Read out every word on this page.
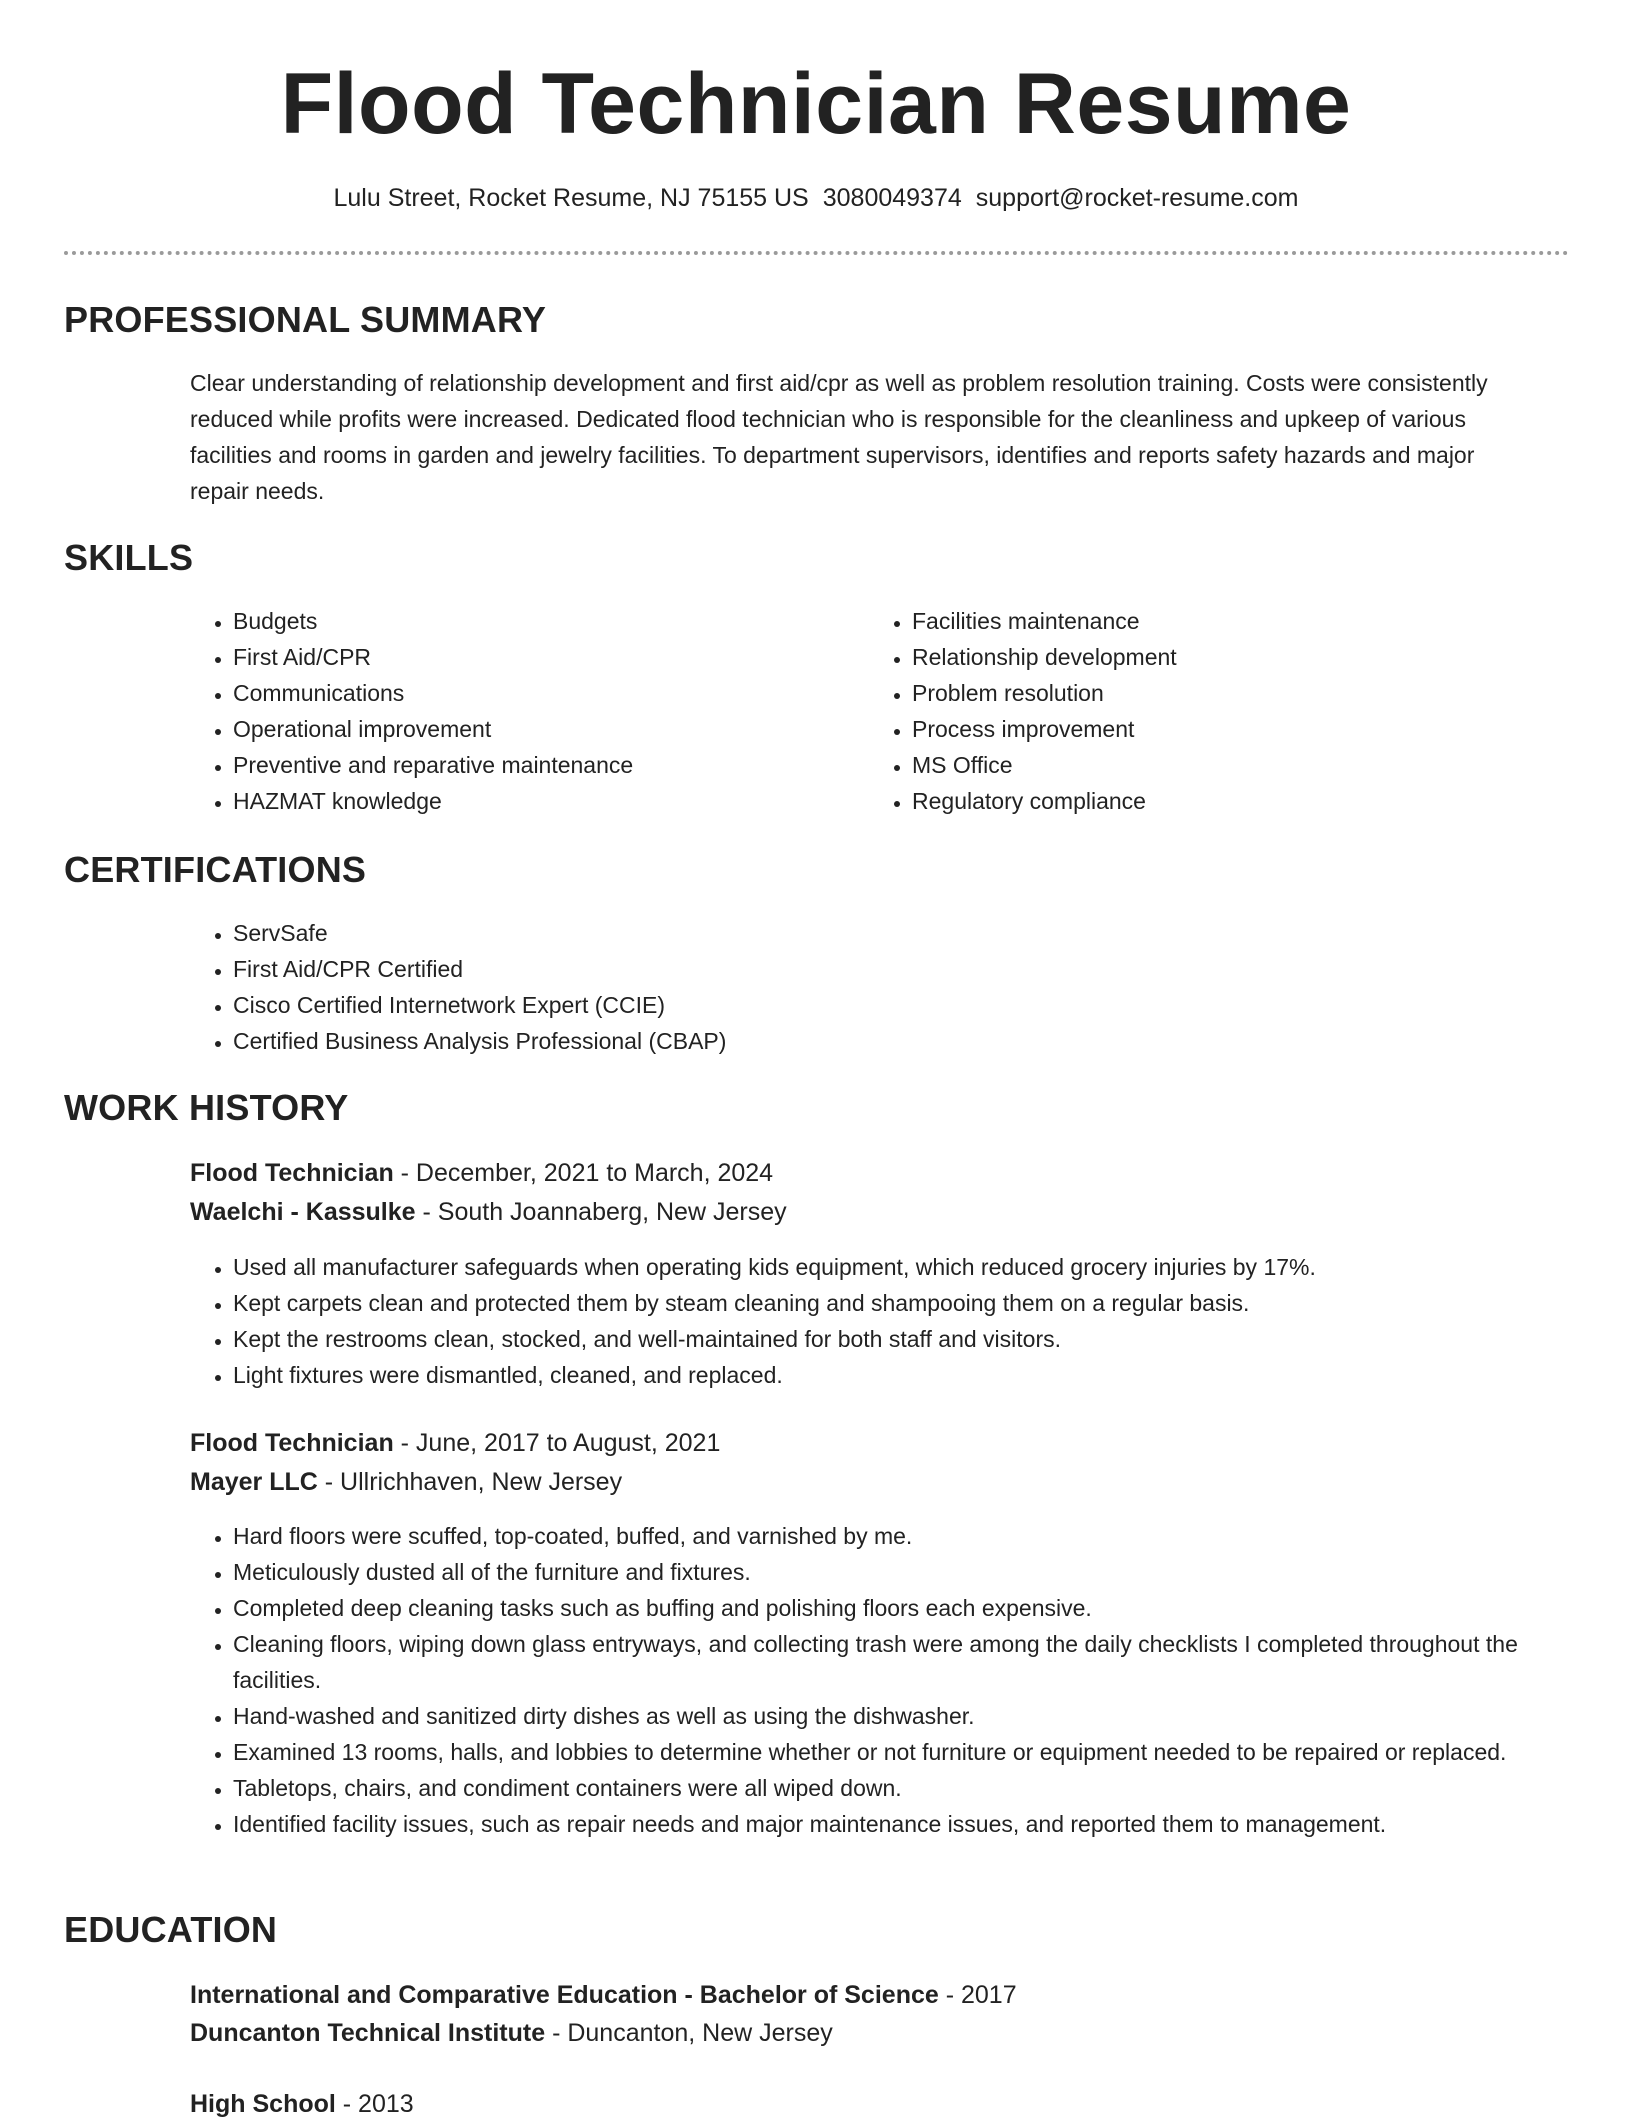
Flood Technician Resume
Lulu Street, Rocket Resume, NJ 75155 US 3080049374 support@rocket-resume.com
PROFESSIONAL SUMMARY

Clear understanding of relationship development and first aid/cpr as well as problem resolution training. Costs were consistently reduced while profits were increased. Dedicated flood technician who is responsible for the cleanliness and upkeep of various facilities and rooms in garden and jewelry facilities. To department supervisors, identifies and reports safety hazards and major repair needs.

SKILLS
• Budgets
• First Aid/CPR
• Communications
• Operational improvement
• Preventive and reparative maintenance
• HAZMAT knowledge
• Facilities maintenance
• Relationship development
• Problem resolution
• Process improvement
• MS Office
• Regulatory compliance
CERTIFICATIONS
• ServSafe
• First Aid/CPR Certified
• Cisco Certified Internetwork Expert (CCIE)
• Certified Business Analysis Professional (CBAP)
WORK HISTORY
Flood Technician - December, 2021 to March, 2024
Waelchi - Kassulke - South Joannaberg, New Jersey
• Used all manufacturer safeguards when operating kids equipment, which reduced grocery injuries by 17%.
• Kept carpets clean and protected them by steam cleaning and shampooing them on a regular basis.
• Kept the restrooms clean, stocked, and well-maintained for both staff and visitors.
• Light fixtures were dismantled, cleaned, and replaced.
Flood Technician - June, 2017 to August, 2021
Mayer LLC - Ullrichhaven, New Jersey
• Hard floors were scuffed, top-coated, buffed, and varnished by me.
• Meticulously dusted all of the furniture and fixtures.
• Completed deep cleaning tasks such as buffing and polishing floors each expensive.
• Cleaning floors, wiping down glass entryways, and collecting trash were among the daily checklists I completed throughout the facilities.
• Hand-washed and sanitized dirty dishes as well as using the dishwasher.
• Examined 13 rooms, halls, and lobbies to determine whether or not furniture or equipment needed to be repaired or replaced.
• Tabletops, chairs, and condiment containers were all wiped down.
• Identified facility issues, such as repair needs and major maintenance issues, and reported them to management.
EDUCATION
International and Comparative Education - Bachelor of Science - 2017
Duncanton Technical Institute - Duncanton, New Jersey
High School - 2013
